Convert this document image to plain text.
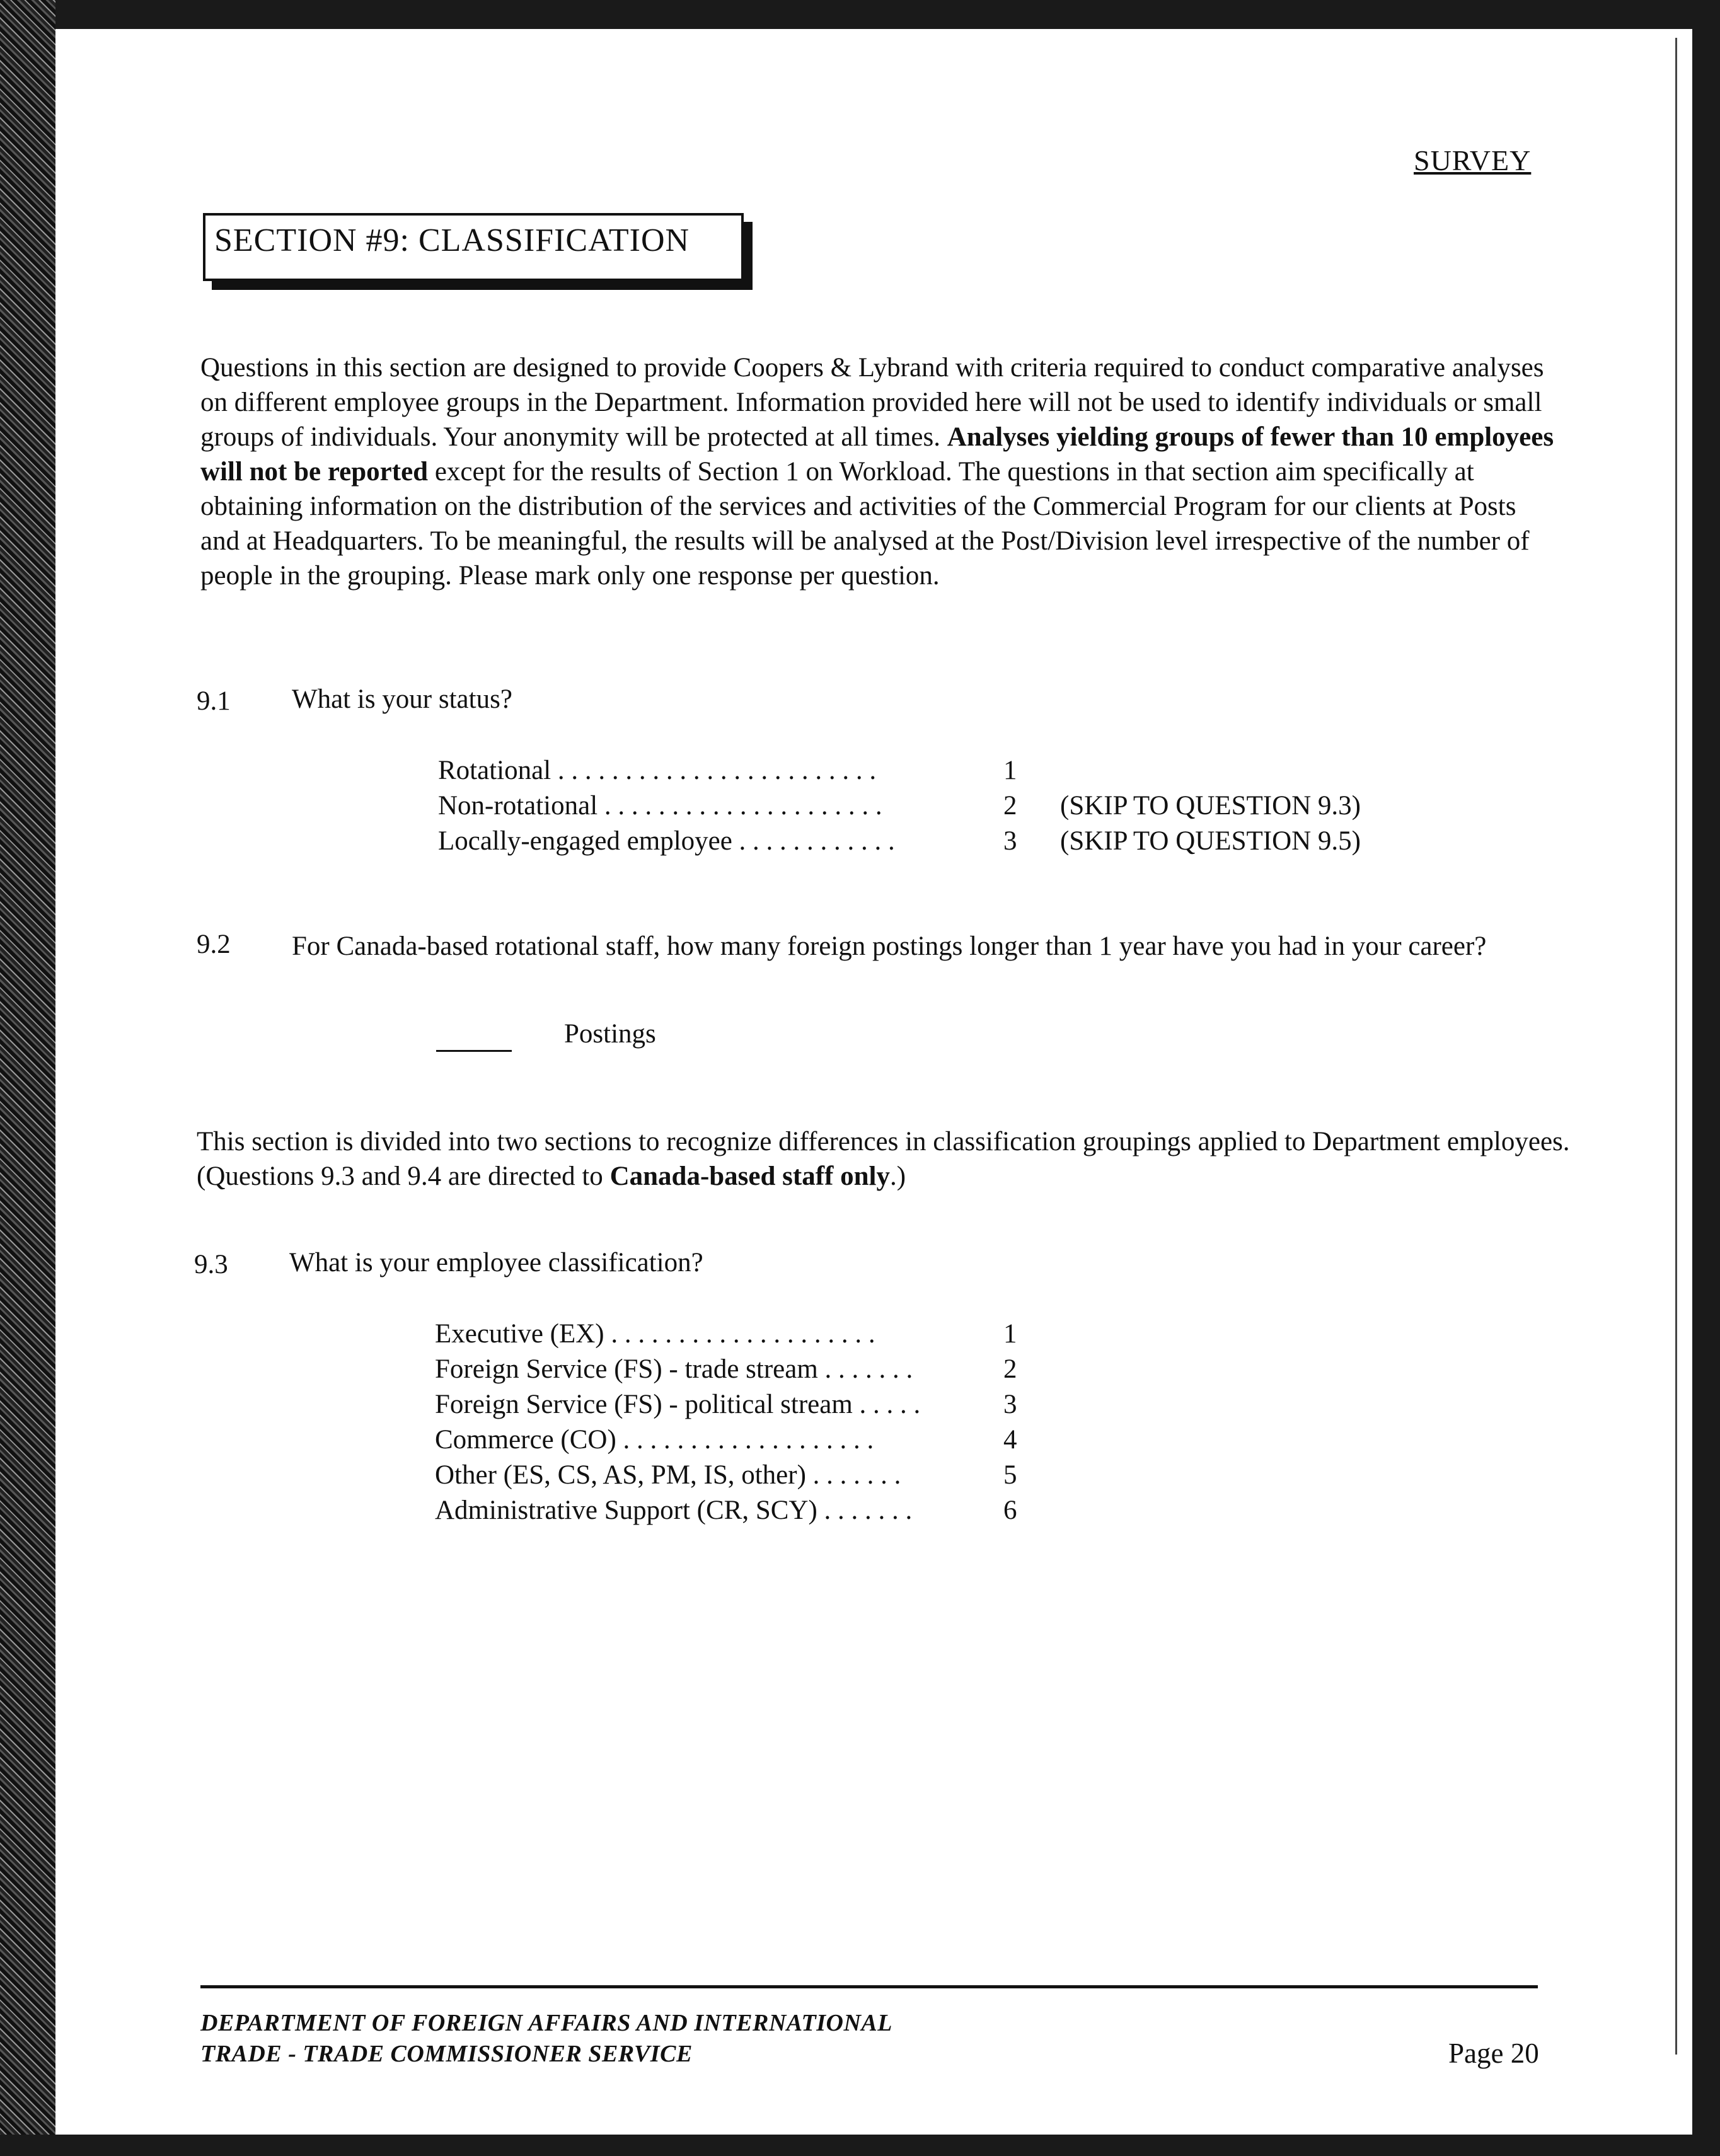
SURVEY
SECTION #9: CLASSIFICATION

Questions in this section are designed to provide Coopers & Lybrand with criteria required to conduct comparative analyses on different employee groups in the Department. Information provided here will not be used to identify individuals or small groups of individuals. Your anonymity will be protected at all times. Analyses yielding groups of fewer than 10 employees will not be reported except for the results of Section 1 on Workload. The questions in that section aim specifically at obtaining information on the distribution of the services and activities of the Commercial Program for our clients at Posts and at Headquarters. To be meaningful, the results will be analysed at the Post/Division level irrespective of the number of people in the grouping. Please mark only one response per question.

9.1 What is your status?
Rotational . . . . . . . . . . . . . . . . . . . . . . . .	1
Non-rotational . . . . . . . . . . . . . . . . . . . . .	2 (SKIP TO QUESTION 9.3)
Locally-engaged employee . . . . . . . . . . . .	3 (SKIP TO QUESTION 9.5)
9.2 For Canada-based rotational staff, how many foreign postings longer than 1 year have you had in your career?
Postings

This section is divided into two sections to recognize differences in classification groupings applied to Department employees. (Questions 9.3 and 9.4 are directed to Canada-based staff only.)

9.3 What is your employee classification?
Executive (EX) . . . . . . . . . . . . . . . . . . . .	1
Foreign Service (FS) - trade stream . . . . . . .	2
Foreign Service (FS) - political stream . . . . .	3
Commerce (CO) . . . . . . . . . . . . . . . . . . .	4
Other (ES, CS, AS, PM, IS, other) . . . . . . .	5
Administrative Support (CR, SCY) . . . . . . .	6
DEPARTMENT OF FOREIGN AFFAIRS AND INTERNATIONAL
TRADE - TRADE COMMISSIONER SERVICE	Page 20
